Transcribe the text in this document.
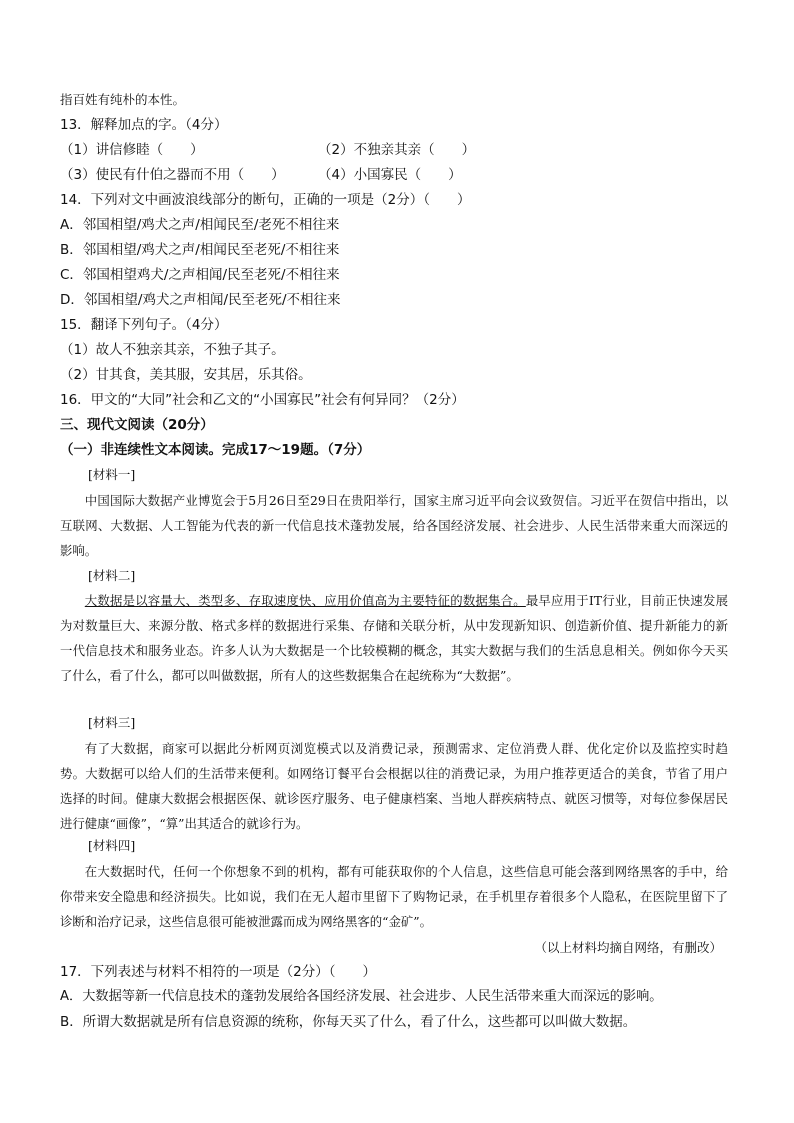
指百姓有纯朴的本性。
13．解释加点的字。（4分）
（1）讲信修睦（　　）	（2）不独亲其亲（　　）
（3）使民有什伯之器而不用（　　） （4）小国寡民（　　）
14．下列对文中画波浪线部分的断句，正确的一项是（2分）（　　）
A．邻国相望/鸡犬之声/相闻民至/老死不相往来
B．邻国相望/鸡犬之声/相闻民至老死/不相往来
C．邻国相望鸡犬/之声相闻/民至老死/不相往来
D．邻国相望/鸡犬之声相闻/民至老死/不相往来
15．翻译下列句子。（4分）
（1）故人不独亲其亲，不独子其子。
（2）甘其食，美其服，安其居，乐其俗。
16．甲文的“大同”社会和乙文的“小国寡民”社会有何异同？（2分）
三、现代文阅读（20分）
（一）非连续性文本阅读。完成17～19题。（7分）
[材料一]
中国国际大数据产业博览会于5月26日至29日在贵阳举行，国家主席习近平向会议致贺信。习近平在贺信中指出，以互联网、大数据、人工智能为代表的新一代信息技术蓬勃发展，给各国经济发展、社会进步、人民生活带来重大而深远的影响。
[材料二]
大数据是以容量大、类型多、存取速度快、应用价值高为主要特征的数据集合。最早应用于IT行业，目前正快速发展为对数量巨大、来源分散、格式多样的数据进行采集、存储和关联分析，从中发现新知识、创造新价值、提升新能力的新一代信息技术和服务业态。许多人认为大数据是一个比较模糊的概念，其实大数据与我们的生活息息相关。例如你今天买了什么，看了什么，都可以叫做数据，所有人的这些数据集合在起统称为“大数据”。
[材料三]
有了大数据，商家可以据此分析网页浏览模式以及消费记录，预测需求、定位消费人群、优化定价以及监控实时趋势。大数据可以给人们的生活带来便利。如网络订餐平台会根据以往的消费记录，为用户推荐更适合的美食，节省了用户选择的时间。健康大数据会根据医保、就诊医疗服务、电子健康档案、当地人群疾病特点、就医习惯等，对每位参保居民进行健康“画像”，“算”出其适合的就诊行为。
[材料四]
在大数据时代，任何一个你想象不到的机构，都有可能获取你的个人信息，这些信息可能会落到网络黑客的手中，给你带来安全隐患和经济损失。比如说，我们在无人超市里留下了购物记录，在手机里存着很多个人隐私，在医院里留下了诊断和治疗记录，这些信息很可能被泄露而成为网络黑客的“金矿”。
（以上材料均摘自网络，有删改）
17．下列表述与材料不相符的一项是（2分）（　　）
A．大数据等新一代信息技术的蓬勃发展给各国经济发展、社会进步、人民生活带来重大而深远的影响。
B．所谓大数据就是所有信息资源的统称，你每天买了什么，看了什么，这些都可以叫做大数据。
